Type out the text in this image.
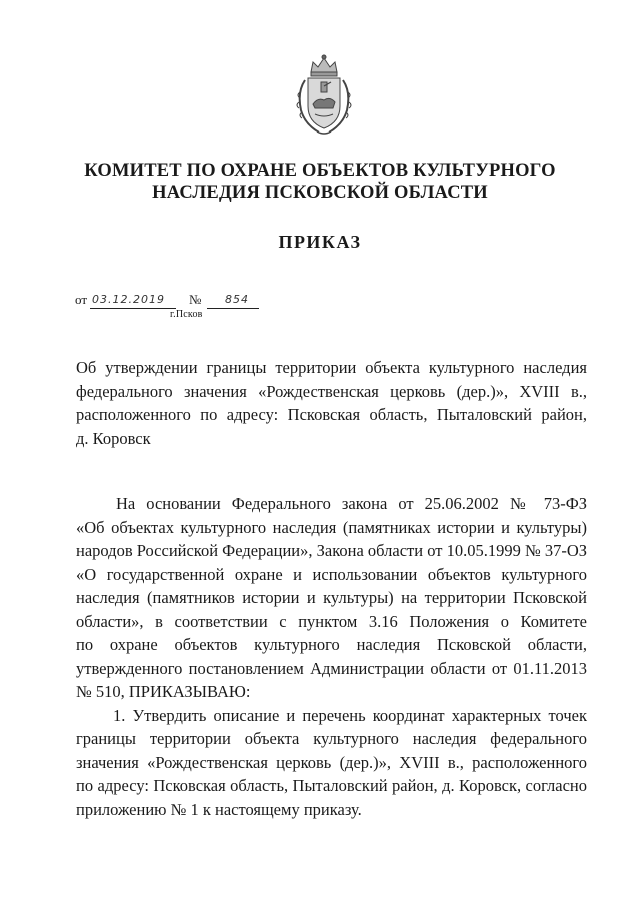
КОМИТЕТ ПО ОХРАНЕ ОБЪЕКТОВ КУЛЬТУРНОГО
НАСЛЕДИЯ ПСКОВСКОЙ ОБЛАСТИ
ПРИКАЗ
от 03.12.2019 № 854
г.Псков
Об утверждении границы территории объекта культурного наследия
федерального значения «Рождественская церковь (дер.)», XVIII в.,
расположенного по адресу: Псковская область, Пыталовский район,
д. Коровск
На основании Федерального закона от 25.06.2002 № 73-ФЗ
«Об объектах культурного наследия (памятниках истории и культуры)
народов Российской Федерации», Закона области от 10.05.1999 № 37-ОЗ
«О государственной охране и использовании объектов культурного
наследия (памятников истории и культуры) на территории Псковской
области», в соответствии с пунктом 3.16 Положения о Комитете
по охране объектов культурного наследия Псковской области,
утвержденного постановлением Администрации области от 01.11.2013
№ 510, ПРИКАЗЫВАЮ:
1. Утвердить описание и перечень координат характерных точек
границы территории объекта культурного наследия федерального
значения «Рождественская церковь (дер.)», XVIII в., расположенного
по адресу: Псковская область, Пыталовский район, д. Коровск, согласно
приложению № 1 к настоящему приказу.
